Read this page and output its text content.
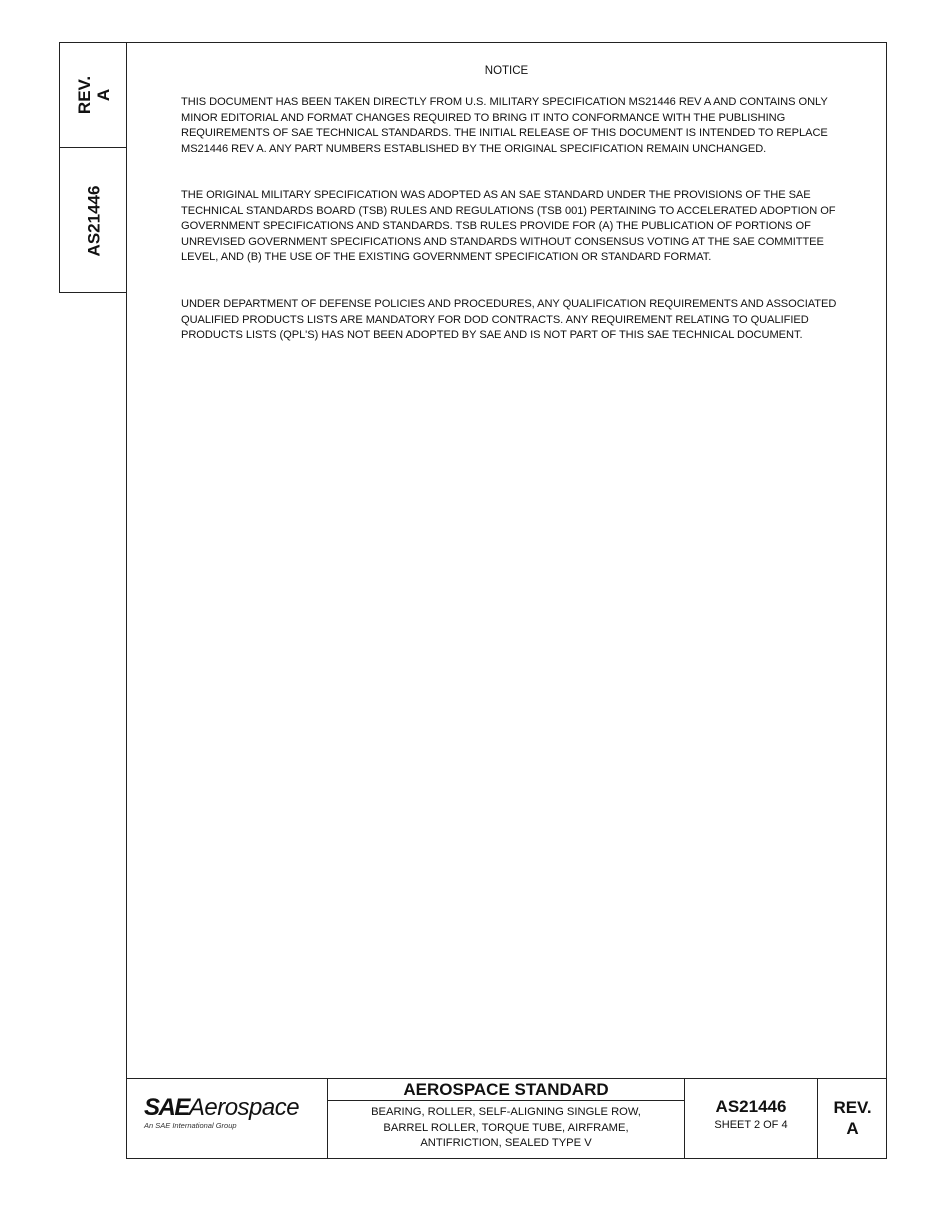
REV. A
AS21446
NOTICE
THIS DOCUMENT HAS BEEN TAKEN DIRECTLY FROM U.S. MILITARY SPECIFICATION MS21446 REV A AND CONTAINS ONLY MINOR EDITORIAL AND FORMAT CHANGES REQUIRED TO BRING IT INTO CONFORMANCE WITH THE PUBLISHING REQUIREMENTS OF SAE TECHNICAL STANDARDS. THE INITIAL RELEASE OF THIS DOCUMENT IS INTENDED TO REPLACE MS21446 REV A. ANY PART NUMBERS ESTABLISHED BY THE ORIGINAL SPECIFICATION REMAIN UNCHANGED.
THE ORIGINAL MILITARY SPECIFICATION WAS ADOPTED AS AN SAE STANDARD UNDER THE PROVISIONS OF THE SAE TECHNICAL STANDARDS BOARD (TSB) RULES AND REGULATIONS (TSB 001) PERTAINING TO ACCELERATED ADOPTION OF GOVERNMENT SPECIFICATIONS AND STANDARDS. TSB RULES PROVIDE FOR (A) THE PUBLICATION OF PORTIONS OF UNREVISED GOVERNMENT SPECIFICATIONS AND STANDARDS WITHOUT CONSENSUS VOTING AT THE SAE COMMITTEE LEVEL, AND (B) THE USE OF THE EXISTING GOVERNMENT SPECIFICATION OR STANDARD FORMAT.
UNDER DEPARTMENT OF DEFENSE POLICIES AND PROCEDURES, ANY QUALIFICATION REQUIREMENTS AND ASSOCIATED QUALIFIED PRODUCTS LISTS ARE MANDATORY FOR DOD CONTRACTS. ANY REQUIREMENT RELATING TO QUALIFIED PRODUCTS LISTS (QPL'S) HAS NOT BEEN ADOPTED BY SAE AND IS NOT PART OF THIS SAE TECHNICAL DOCUMENT.
SAEAerospace
An SAE International Group
AEROSPACE STANDARD
BEARING, ROLLER, SELF-ALIGNING SINGLE ROW,
BARREL ROLLER, TORQUE TUBE, AIRFRAME,
ANTIFRICTION, SEALED TYPE V
AS21446
SHEET 2 OF 4
REV.
A
